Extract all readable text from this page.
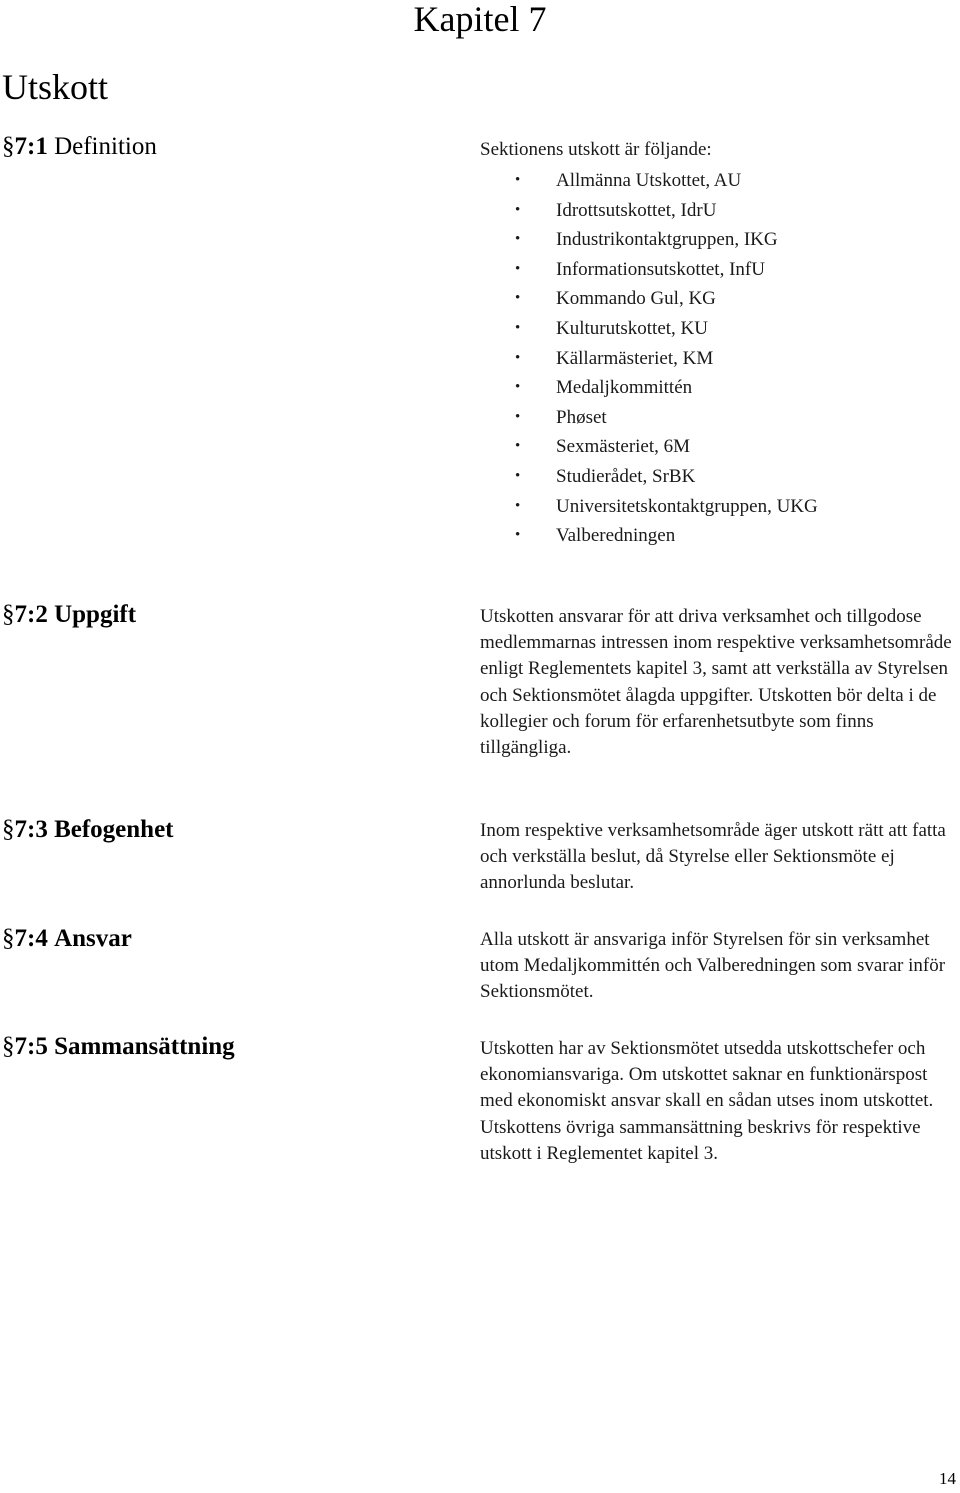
Kapitel 7
Utskott
§7:1 Definition	Sektionens utskott är följande:

• Allmänna Utskottet, AU
• Idrottsutskottet, IdrU
• Industrikontaktgruppen, IKG
• Informationsutskottet, InfU
• Kommando Gul, KG
• Kulturutskottet, KU
• Källarmästeriet, KM
• Medaljkommittén
• Phøset
• Sexmästeriet, 6M
• Studierådet, SrBK
• Universitetskontaktgruppen, UKG
• Valberedningen
§7:2 Uppgift	Utskotten ansvarar för att driva verksamhet och tillgodose medlemmarnas intressen inom respektive verksamhetsområde enligt Reglementets kapitel 3, samt att verkställa av Styrelsen och Sektionsmötet ålagda uppgifter. Utskotten bör delta i de kollegier och forum för erfarenhetsutbyte som finns tillgängliga.

§7:3 Befogenhet	Inom respektive verksamhetsområde äger utskott rätt att fatta och verkställa beslut, då Styrelse eller Sektionsmöte ej annorlunda beslutar.

§7:4 Ansvar	Alla utskott är ansvariga inför Styrelsen för sin verksamhet utom Medaljkommittén och Valberedningen som svarar inför Sektionsmötet.

§7:5 Sammansättning	Utskotten har av Sektionsmötet utsedda utskottschefer och ekonomiansvariga. Om utskottet saknar en funktionärspost med ekonomiskt ansvar skall en sådan utses inom utskottet. Utskottens övriga sammansättning beskrivs för respektive utskott i Reglementet kapitel 3.

14
